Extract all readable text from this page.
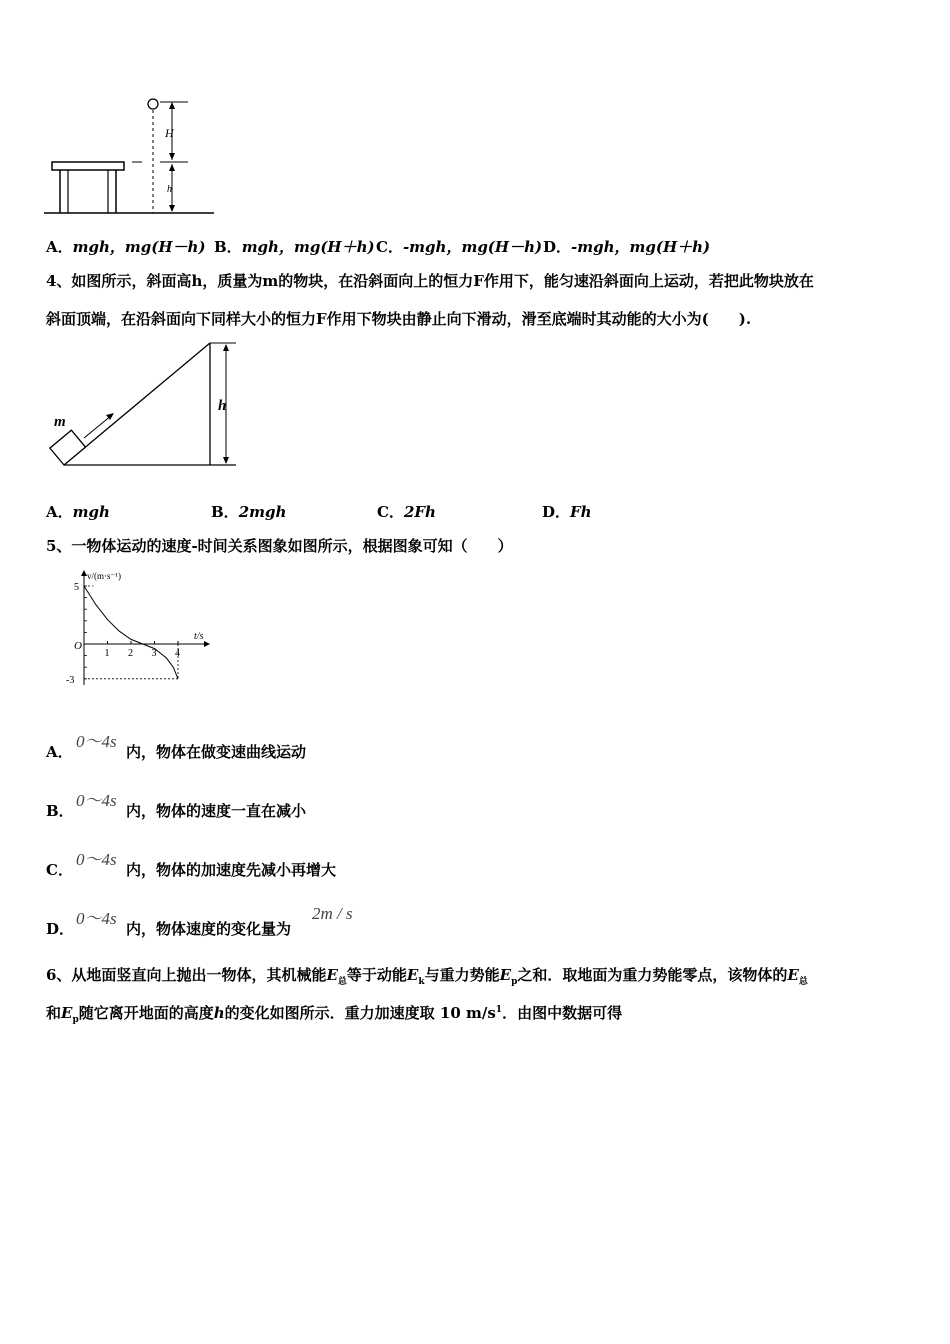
H
h
A．mgh，mg(H－h) B．mgh，mg(H＋h) C．-mgh，mg(H－h) D．-mgh，mg(H＋h)
4、如图所示，斜面高h，质量为m的物块，在沿斜面向上的恒力F作用下，能匀速沿斜面向上运动，若把此物块放在
斜面顶端，在沿斜面向下同样大小的恒力F作用下物块由静止向下滑动，滑至底端时其动能的大小为(　　).
m
h
A．mgh	B．2mgh	C．2Fh	D．Fh
5、一物体运动的速度-时间关系图象如图所示，根据图象可知（　　）
v/(m·s⁻¹)
t/s
O
1 2 3 4
5
-3
A．
0～4s
内，物体在做变速曲线运动
B．
0～4s
内，物体的速度一直在减小
C．
0～4s
内，物体的加速度先减小再增大
D．
0～4s
内，物体速度的变化量为
2m / s
6、从地面竖直向上抛出一物体，其机械能$E_总$等于动能$E_k$与重力势能$E_p$之和．取地面为重力势能零点，该物体的$E_总$
和$E_p$随它离开地面的高度h的变化如图所示．重力加速度取 10 $m/s^1$．由图中数据可得
